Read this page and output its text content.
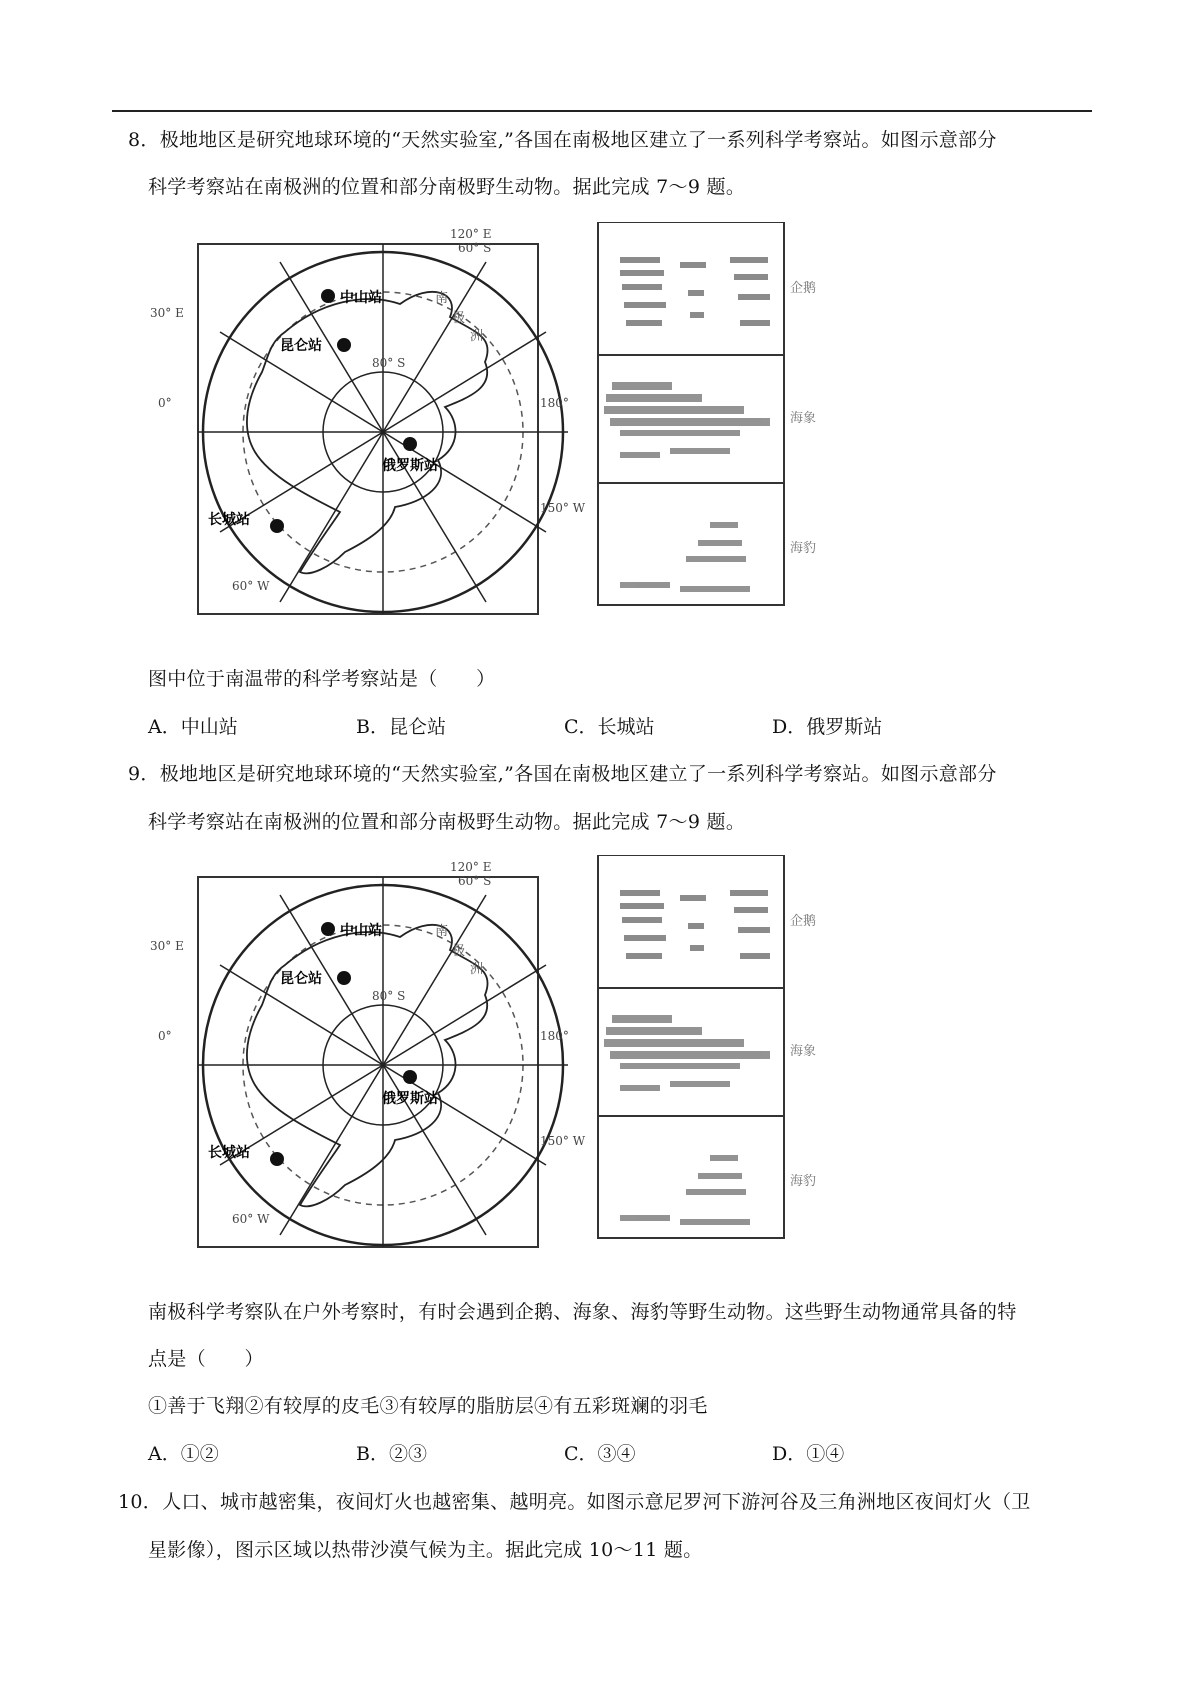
8．极地地区是研究地球环境的“天然实验室,”各国在南极地区建立了一系列科学考察站。如图示意部分
科学考察站在南极洲的位置和部分南极野生动物。据此完成 7～9 题。
中山站
昆仑站
俄罗斯站
长城站
120° E
30° E
0°	180°
150° W
60° W
60° S
80° S
南
极
洲
企鹅
海象
海豹
图中位于南温带的科学考察站是（　　）
A．中山站	B．昆仑站	C．长城站	D．俄罗斯站
9．极地地区是研究地球环境的“天然实验室,”各国在南极地区建立了一系列科学考察站。如图示意部分
科学考察站在南极洲的位置和部分南极野生动物。据此完成 7～9 题。
中山站
昆仑站
俄罗斯站
长城站
120° E
30° E
0°	180°
150° W
60° W
60° S
80° S
南
极
洲
企鹅
海象
海豹
南极科学考察队在户外考察时，有时会遇到企鹅、海象、海豹等野生动物。这些野生动物通常具备的特
点是（　　）
①善于飞翔②有较厚的皮毛③有较厚的脂肪层④有五彩斑斓的羽毛
A．①②	B．②③	C．③④	D．①④
10．人口、城市越密集，夜间灯火也越密集、越明亮。如图示意尼罗河下游河谷及三角洲地区夜间灯火（卫
星影像），图示区域以热带沙漠气候为主。据此完成 10～11 题。
